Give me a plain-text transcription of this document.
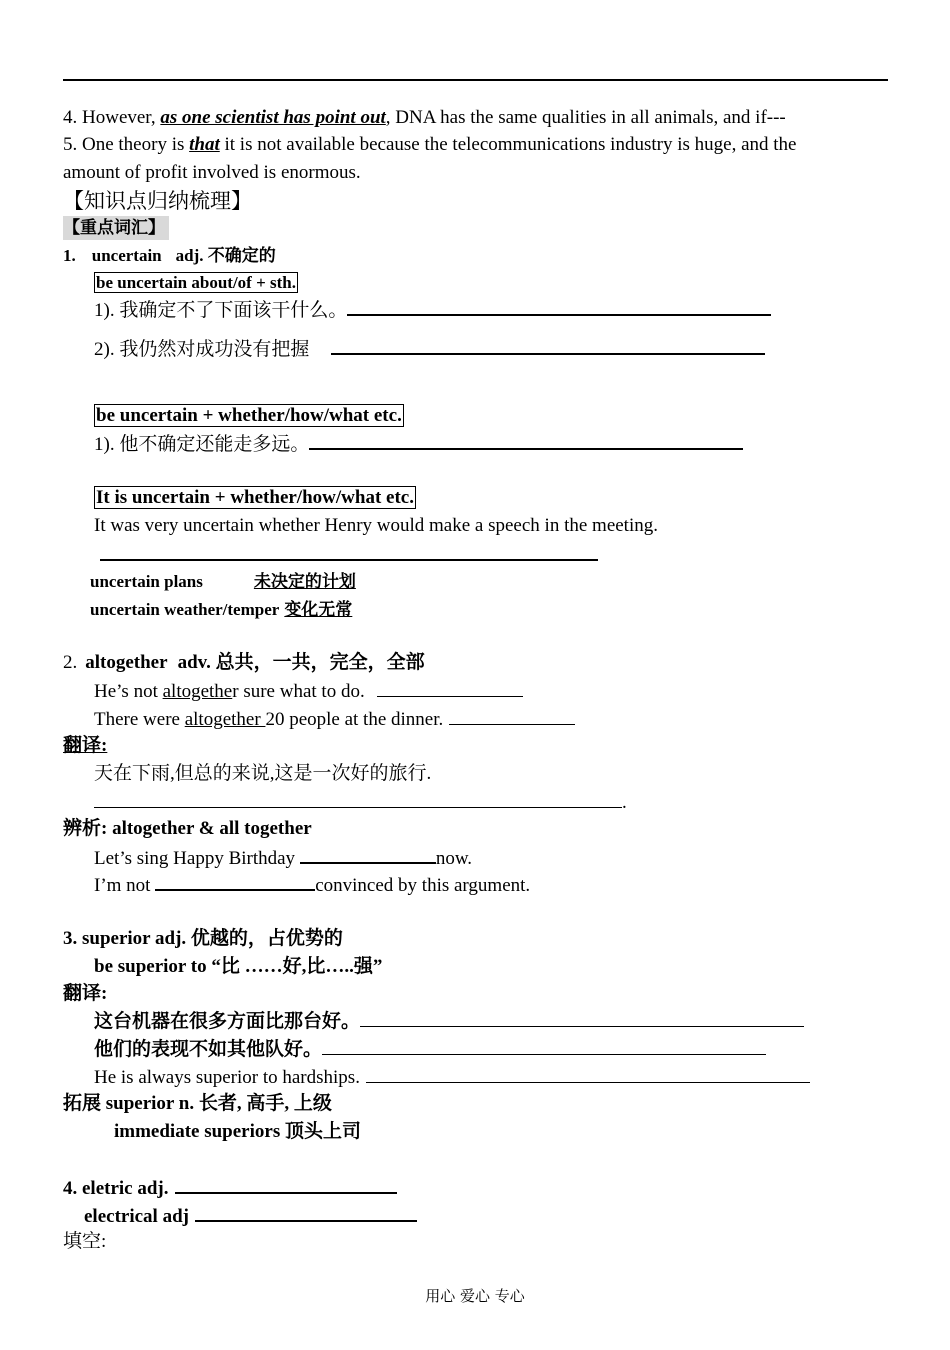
4. However, as one scientist has point out, DNA has the same qualities in all animals, and if---
5. One theory is that it is not available because the telecommunications industry is huge, and the
amount of profit involved is enormous.
【知识点归纳梳理】
【重点词汇】
1. uncertain adj. 不确定的
be uncertain about/of + sth.
1). 我确定不了下面该干什么。
2). 我仍然对成功没有把握
be uncertain + whether/how/what etc.
1). 他不确定还能走多远。
It is uncertain + whether/how/what etc.
It was very uncertain whether Henry would make a speech in the meeting.
uncertain plans	未决定的计划
uncertain weather/temper 变化无常
2. altogether adv. 总共，一共，完全，全部
He’s not altogether sure what to do.
There were altogether 20 people at the dinner.
翻译:
天在下雨,但总的来说,这是一次好的旅行.
.
辨析: altogether & all together
Let’s sing Happy Birthday	now.
I’m not	convinced by this argument.
3. superior adj. 优越的，占优势的
be superior to “比 ……好,比…..强”
翻译:
这台机器在很多方面比那台好。
他们的表现不如其他队好。
He is always superior to hardships.
拓展 superior n. 长者, 高手, 上级
immediate superiors 顶头上司
4. eletric adj.
electrical adj
填空:
用心 爱心 专心
